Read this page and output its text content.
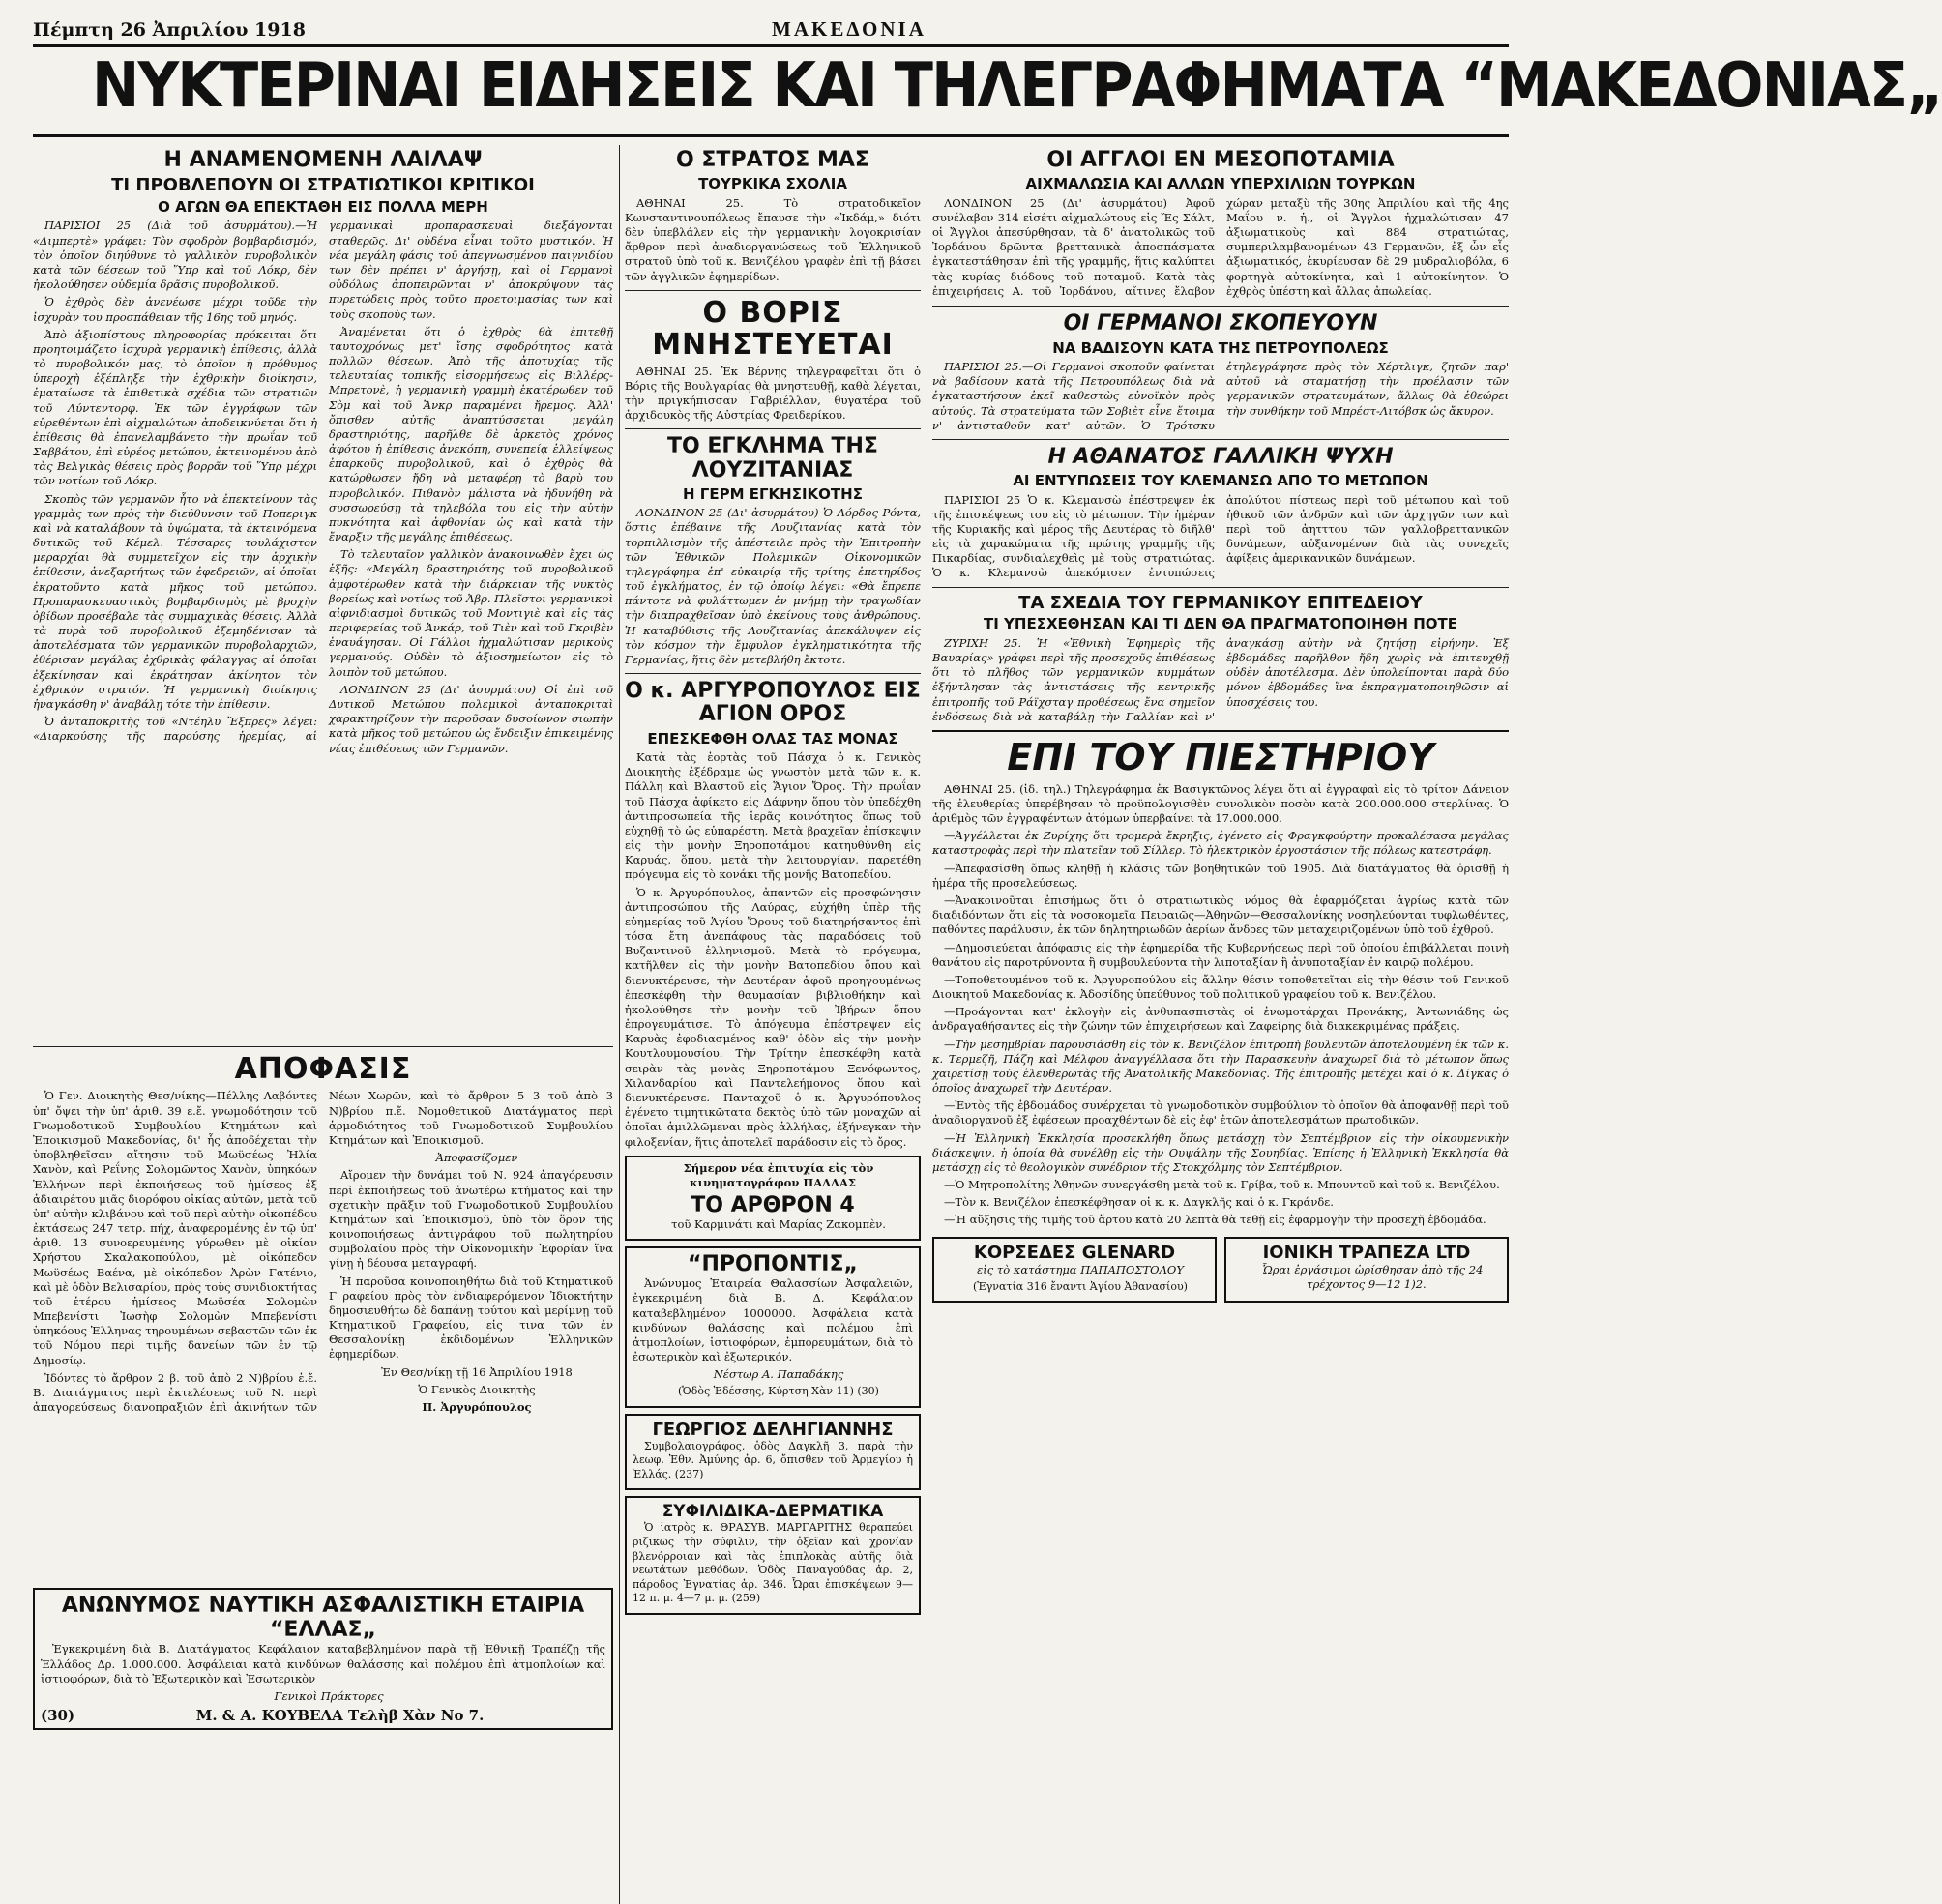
Πέμπτη 26 Ἀπριλίου 1918	ΜΑΚΕΔΟΝΙΑ
ΝΥΚΤΕΡΙΝΑΙ ΕΙΔΗΣΕΙΣ ΚΑΙ ΤΗΛΕΓΡΑΦΗΜΑΤΑ “ΜΑΚΕΔΟΝΙΑΣ„
Η ΑΝΑΜΕΝΟΜΕΝΗ ΛΑΙΛΑΨ
ΤΙ ΠΡΟΒΛΕΠΟΥΝ ΟΙ ΣΤΡΑΤΙΩΤΙΚΟΙ ΚΡΙΤΙΚΟΙ
Ο ΑΓΩΝ ΘΑ ΕΠΕΚΤΑΘΗ ΕΙΣ ΠΟΛΛΑ ΜΕΡΗ

ΠΑΡΙΣΙΟΙ 25 (Διὰ τοῦ ἀσυρμάτου).—Ἡ «Διμπερτὲ» γράφει: Τὸν σφοδρὸν βομβαρδισμόν, τὸν ὁποῖον διηύθυνε τὸ γαλλικὸν πυροβολικὸν κατὰ τῶν θέσεων τοῦ Ὕπρ καὶ τοῦ Λόκρ, δὲν ἠκολούθησεν οὐδεμία δρᾶσις πυροβολικοῦ.

Ὁ ἐχθρὸς δὲν ἀνενέωσε μέχρι τοῦδε τὴν ἰσχυρὰν του προσπάθειαν τῆς 16ης τοῦ μηνός.

Ἀπὸ ἀξιοπίστους πληροφορίας πρόκειται ὅτι προητοιμάζετο ἰσχυρὰ γερμανικὴ ἐπίθεσις, ἀλλὰ τὸ πυροβολικόν μας, τὸ ὁποῖον ἡ πρόθυμος ὑπεροχὴ ἐξέπληξε τὴν ἐχθρικὴν διοίκησιν, ἐματαίωσε τὰ ἐπιθετικὰ σχέδια τῶν στρατιῶν τοῦ Λύντεντορφ. Ἐκ τῶν ἐγγράφων τῶν εὑρεθέντων ἐπὶ αἰχμαλώτων ἀποδεικνύεται ὅτι ἡ ἐπίθεσις θὰ ἐπανελαμβάνετο τὴν πρωΐαν τοῦ Σαββάτου, ἐπὶ εὐρέος μετώπου, ἐκτεινομένου ἀπὸ τὰς Βελγικὰς θέσεις πρὸς βορρᾶν τοῦ Ὕπρ μέχρι τῶν νοτίων τοῦ Λόκρ.

Σκοπὸς τῶν γερμανῶν ἦτο νὰ ἐπεκτείνουν τὰς γραμμὰς των πρὸς τὴν διεύθυνσιν τοῦ Ποπεριγκ καὶ νὰ καταλάβουν τὰ ὑψώματα, τὰ ἐκτεινόμενα δυτικῶς τοῦ Κέμελ. Τέσσαρες τουλάχιστον μεραρχίαι θὰ συμμετεῖχον εἰς τὴν ἀρχικὴν ἐπίθεσιν, ἀνεξαρτήτως τῶν ἐφεδρειῶν, αἱ ὁποῖαι ἐκρατοῦντο κατὰ μῆκος τοῦ μετώπου. Προπαρασκευαστικὸς βομβαρδισμὸς μὲ βροχὴν ὀβίδων προσέβαλε τὰς συμμαχικὰς θέσεις. Ἀλλὰ τὰ πυρὰ τοῦ πυροβολικοῦ ἐξεμηδένισαν τὰ ἀποτελέσματα τῶν γερμανικῶν πυροβολαρχιῶν, ἐθέρισαν μεγάλας ἐχθρικὰς φάλαγγας αἱ ὁποῖαι ἐξεκίνησαν καὶ ἐκράτησαν ἀκίνητον τὸν ἐχθρικὸν στρατόν. Ἡ γερμανικὴ διοίκησις ἠναγκάσθη ν' ἀναβάλῃ τότε τὴν ἐπίθεσιν.

Ὁ ἀνταποκριτὴς τοῦ «Ντέηλυ Ἔξπρες» λέγει: «Διαρκούσης τῆς παρούσης ἠρεμίας, αἱ γερμανικαὶ προπαρασκευαὶ διεξάγονται σταθερῶς. Δι' οὐδένα εἶναι τοῦτο μυστικόν. Ἡ νέα μεγάλη φάσις τοῦ ἀπεγνωσμένου παιγνιδίου των δὲν πρέπει ν' ἀργήσῃ, καὶ οἱ Γερμανοὶ οὐδόλως ἀποπειρῶνται ν' ἀποκρύψουν τὰς πυρετώδεις πρὸς τοῦτο προετοιμασίας των καὶ τοὺς σκοποὺς των.

Ἀναμένεται ὅτι ὁ ἐχθρὸς θὰ ἐπιτεθῇ ταυτοχρόνως μετ' ἴσης σφοδρότητος κατὰ πολλῶν θέσεων. Ἀπὸ τῆς ἀποτυχίας τῆς τελευταίας τοπικῆς εἰσορμήσεως εἰς Βιλλέρς-Μπρετονὲ, ἡ γερμανικὴ γραμμὴ ἑκατέρωθεν τοῦ Σὸμ καὶ τοῦ Ἄνκρ παραμένει ἤρεμος. Ἀλλ' ὄπισθεν αὐτῆς ἀναπτύσσεται μεγάλη δραστηριότης, παρῆλθε δὲ ἀρκετὸς χρόνος ἀφότου ἡ ἐπίθεσις ἀνεκόπη, συνεπείᾳ ἐλλείψεως ἐπαρκοῦς πυροβολικοῦ, καὶ ὁ ἐχθρὸς θὰ κατώρθωσεν ἤδη νὰ μεταφέρῃ τὸ βαρὺ του πυροβολικόν. Πιθανὸν μάλιστα νὰ ἠδυνήθη νὰ συσσωρεύσῃ τὰ τηλεβόλα του εἰς τὴν αὐτὴν πυκνότητα καὶ ἀφθονίαν ὡς καὶ κατὰ τὴν ἔναρξιν τῆς μεγάλης ἐπιθέσεως.

Τὸ τελευταῖον γαλλικὸν ἀνακοινωθὲν ἔχει ὡς ἑξῆς: «Μεγάλη δραστηριότης τοῦ πυροβολικοῦ ἀμφοτέρωθεν κατὰ τὴν διάρκειαν τῆς νυκτὸς βορείως καὶ νοτίως τοῦ Ἀβρ. Πλεῖστοι γερμανικοὶ αἰφνιδιασμοὶ δυτικῶς τοῦ Μοντιγιὲ καὶ εἰς τὰς περιφερείας τοῦ Ἀνκάρ, τοῦ Τιὲν καὶ τοῦ Γκριβὲν ἐναυάγησαν. Οἱ Γάλλοι ἠχμαλώτισαν μερικοὺς γερμανούς. Οὐδὲν τὸ ἀξιοσημείωτον εἰς τὸ λοιπὸν τοῦ μετώπου.

ΛΟΝΔΙΝΟΝ 25 (Δι' ἀσυρμάτου) Οἱ ἐπὶ τοῦ Δυτικοῦ Μετώπου πολεμικοὶ ἀνταποκριταὶ χαρακτηρίζουν τὴν παροῦσαν δυσοίωνον σιωπὴν κατὰ μῆκος τοῦ μετώπου ὡς ἔνδειξιν ἐπικειμένης νέας ἐπιθέσεως τῶν Γερμανῶν.

ΑΠΟΦΑΣΙΣ

Ὁ Γεν. Διοικητὴς Θεσ/νίκης—Πέλλης Λαβόντες ὑπ' ὄψει τὴν ὑπ' ἀριθ. 39 ε.ἔ. γνωμοδότησιν τοῦ Γνωμοδοτικοῦ Συμβουλίου Κτημάτων καὶ Ἐποικισμοῦ Μακεδονίας, δι' ἧς ἀποδέχεται τὴν ὑποβληθεῖσαν αἴτησιν τοῦ Μωϋσέως Ἠλία Χανὸν, καὶ Ρεΐνης Σολομῶντος Χανὸν, ὑπηκόων Ἑλλήνων περὶ ἐκποιήσεως τοῦ ἡμίσεος ἐξ ἀδιαιρέτου μιᾶς διορόφου οἰκίας αὐτῶν, μετὰ τοῦ ὑπ' αὐτὴν κλιβάνου καὶ τοῦ περὶ αὐτὴν οἰκοπέδου ἐκτάσεως 247 τετρ. πήχ, ἀναφερομένης ἐν τῷ ὑπ' ἀριθ. 13 συνοερευμένης γύρωθεν μὲ οἰκίαν Χρήστου Σκαλακοπούλου, μὲ οἰκόπεδον Μωϋσέως Βαένα, μὲ οἰκόπεδον Ἀρὼν Γατένιο, καὶ μὲ ὁδὸν Βελισαρίου, πρὸς τοὺς συνιδιοκτήτας τοῦ ἑτέρου ἡμίσεος Μωϋσέα Σολομὼν Μπεβενίστι Ἰωσὴφ Σολομὼν Μπεβενίστι ὑπηκόους Ἑλληνας τηρουμένων σεβαστῶν τῶν ἐκ τοῦ Νόμου περὶ τιμῆς δανείων τῶν ἐν τῷ Δημοσίῳ.

Ἰδόντες τὸ ἄρθρον 2 β. τοῦ ἀπὸ 2 Ν)βρίου ἑ.ἔ. Β. Διατάγματος περὶ ἐκτελέσεως τοῦ Ν. περὶ ἀπαγορεύσεως διανοπραξιῶν ἐπὶ ἀκινήτων τῶν Νέων Χωρῶν, καὶ τὸ ἄρθρον 5 3 τοῦ ἀπὸ 3 Ν)βρίου π.ἔ. Νομοθετικοῦ Διατάγματος περὶ ἁρμοδιότητος τοῦ Γνωμοδοτικοῦ Συμβουλίου Κτημάτων καὶ Ἐποικισμοῦ.

Ἀποφασίζομεν

Αἴρομεν τὴν δυνάμει τοῦ Ν. 924 ἀπαγόρευσιν περὶ ἐκποιήσεως τοῦ ἀνωτέρω κτήματος καὶ τὴν σχετικὴν πρᾶξιν τοῦ Γνωμοδοτικοῦ Συμβουλίου Κτημάτων καὶ Ἐποικισμοῦ, ὑπὸ τὸν ὅρον τῆς κοινοποιήσεως ἀντιγράφου τοῦ πωλητηρίου συμβολαίου πρὸς τὴν Οἰκονομικὴν Ἐφορίαν ἵνα γίνῃ ἡ δέουσα μεταγραφή.

Ἡ παροῦσα κοινοποιηθήτω διὰ τοῦ Κτηματικοῦ Γ ραφείου πρὸς τὸν ἐνδιαφερόμενον Ἰδιοκτήτην δημοσιευθήτω δὲ δαπάνῃ τούτου καὶ μερίμνῃ τοῦ Κτηματικοῦ Γραφείου, εἰς τινα τῶν ἐν Θεσσαλονίκῃ ἐκδιδομένων Ἑλληνικῶν ἐφημερίδων.

Ἐν Θεσ/νίκῃ τῇ 16 Ἀπριλίου 1918

Ὁ Γενικὸς Διοικητὴς

Π. Ἀργυρόπουλος

ΑΝΩΝΥΜΟΣ ΝΑΥΤΙΚΗ ΑΣΦΑΛΙΣΤΙΚΗ ΕΤΑΙΡΙΑ “ΕΛΛΑΣ„

Ἐγκεκριμένη διὰ Β. Διατάγματος Κεφάλαιον καταβεβλημένον παρὰ τῇ Ἐθνικῇ Τραπέζῃ τῆς Ἑλλάδος Δρ. 1.000.000. Ἀσφάλειαι κατὰ κινδύνων θαλάσσης καὶ πολέμου ἐπὶ ἀτμοπλοίων καὶ ἱστιοφόρων, διὰ τὸ Ἐξωτερικὸν καὶ Ἐσωτερικὸν

Γενικοὶ Πράκτορες

(30)	Μ. & Α. ΚΟΥΒΕΛΑ Τελὴβ Χὰν Νο 7.
Ο ΣΤΡΑΤΟΣ ΜΑΣ
ΤΟΥΡΚΙΚΑ ΣΧΟΛΙΑ

ΑΘΗΝΑΙ 25. Τὸ στρατοδικεῖον Κωνσταντινουπόλεως ἔπαυσε τὴν «Ἰκδάμ,» διότι δὲν ὑπεβλάλεν εἰς τὴν γερμανικὴν λογοκρισίαν ἄρθρον περὶ ἀναδιοργανώσεως τοῦ Ἑλληνικοῦ στρατοῦ ὑπὸ τοῦ κ. Βενιζέλου γραφὲν ἐπὶ τῇ βάσει τῶν ἀγγλικῶν ἐφημερίδων.

Ο ΒΟΡΙΣ ΜΝΗΣΤΕΥΕΤΑΙ

ΑΘΗΝΑΙ 25. Ἐκ Βέρνης τηλεγραφεῖται ὅτι ὁ Βόρις τῆς Βουλγαρίας θὰ μνηστευθῇ, καθὰ λέγεται, τὴν πριγκήπισσαν Γαβριέλλαν, θυγατέρα τοῦ ἀρχιδουκὸς τῆς Αὐστρίας Φρειδερίκου.

ΤΟ ΕΓΚΛΗΜΑ ΤΗΣ ΛΟΥΖΙΤΑΝΙΑΣ
Η ΓΕΡΜ ΕΓΚΗΣΙΚΟΤΗΣ

ΛΟΝΔΙΝΟΝ 25 (Δι' ἀσυρμάτου) Ὁ Λόρδος Ρόντα, ὅστις ἐπέβαινε τῆς Λουζιτανίας κατὰ τὸν τορπιλλισμὸν τῆς ἀπέστειλε πρὸς τὴν Ἐπιτροπὴν τῶν Ἐθνικῶν Πολεμικῶν Οἰκονομικῶν τηλεγράφημα ἐπ' εὐκαιρίᾳ τῆς τρίτης ἐπετηρίδος τοῦ ἐγκλήματος, ἐν τῷ ὁποίῳ λέγει: «Θὰ ἔπρεπε πάντοτε νὰ φυλάττωμεν ἐν μνήμῃ τὴν τραγωδίαν τὴν διαπραχθεῖσαν ὑπὸ ἐκείνους τοὺς ἀνθρώπους. Ἡ καταβύθισις τῆς Λουζιτανίας ἀπεκάλυψεν εἰς τὸν κόσμον τὴν ἔμφυλον ἐγκληματικότητα τῆς Γερμανίας, ἥτις δὲν μετεβλήθη ἔκτοτε.

Ο κ. ΑΡΓΥΡΟΠΟΥΛΟΣ ΕΙΣ ΑΓΙΟΝ ΟΡΟΣ
ΕΠΕΣΚΕΦΘΗ ΟΛΑΣ ΤΑΣ ΜΟΝΑΣ

Κατὰ τὰς ἑορτὰς τοῦ Πάσχα ὁ κ. Γενικὸς Διοικητὴς ἐξέδραμε ὡς γνωστὸν μετὰ τῶν κ. κ. Πάλλη καὶ Βλαστοῦ εἰς Ἅγιον Ὄρος. Τὴν πρωΐαν τοῦ Πάσχα ἀφίκετο εἰς Δάφνην ὅπου τὸν ὑπεδέχθη ἀντιπροσωπεία τῆς ἱερᾶς κοινότητος ὅπως τοῦ εὐχηθῇ τὸ ὡς εὐπαρέστη. Μετὰ βραχεῖαν ἐπίσκεψιν εἰς τὴν μονὴν Ξηροποτάμου κατηυθύνθη εἰς Καρυάς, ὅπου, μετὰ τὴν λειτουργίαν, παρετέθη πρόγευμα εἰς τὸ κονάκι τῆς μονῆς Βατοπεδίου.

Ὁ κ. Ἀργυρόπουλος, ἀπαντῶν εἰς προσφώνησιν ἀντιπροσώπου τῆς Λαύρας, εὐχήθη ὑπὲρ τῆς εὐημερίας τοῦ Ἁγίου Ὄρους τοῦ διατηρήσαντος ἐπὶ τόσα ἔτη ἀνεπάφους τὰς παραδόσεις τοῦ Βυζαντινοῦ ἑλληνισμοῦ. Μετὰ τὸ πρόγευμα, κατῆλθεν εἰς τὴν μονὴν Βατοπεδίου ὅπου καὶ διενυκτέρευσε, τὴν Δευτέραν ἀφοῦ προηγουμένως ἐπεσκέφθη τὴν θαυμασίαν βιβλιοθήκην καὶ ἠκολούθησε τὴν μονὴν τοῦ Ἰβήρων ὅπου ἐπρογευμάτισε. Τὸ ἀπόγευμα ἐπέστρεψεν εἰς Καρυὰς ἐφοδιασμένος καθ' ὁδὸν εἰς τὴν μονὴν Κουτλουμουσίου. Τὴν Τρίτην ἐπεσκέφθη κατὰ σειρὰν τὰς μονὰς Ξηροποτάμου Ξενόφωντος, Χιλανδαρίου καὶ Παντελεήμονος ὅπου καὶ διενυκτέρευσε. Πανταχοῦ ὁ κ. Ἀργυρόπουλος ἐγένετο τιμητικῶτατα δεκτὸς ὑπὸ τῶν μοναχῶν αἱ ὁποῖαι ἁμιλλῶμεναι πρὸς ἀλλήλας, ἐξήνεγκαν τὴν φιλοξενίαν, ἥτις ἀποτελεῖ παράδοσιν εἰς τὸ ὄρος.

Σήμερον νέα ἐπιτυχία εἰς τὸν κινηματογράφον ΠΑΛΛΑΣ

ΤΟ ΑΡΘΡΟΝ 4

τοῦ Καρμινάτι καὶ Μαρίας Ζακομπὲν.

“ΠΡΟΠΟΝΤΙΣ„

Ἀνώνυμος Ἑταιρεία Θαλασσίων Ἀσφαλειῶν, ἐγκεκριμένη διὰ Β. Δ. Κεφάλαιον καταβεβλημένον 1000000. Ἀσφάλεια κατὰ κινδύνων θαλάσσης καὶ πολέμου ἐπὶ ἀτμοπλοίων, ἱστιοφόρων, ἐμπορευμάτων, διὰ τὸ ἐσωτερικὸν καὶ ἐξωτερικόν.

Νέστωρ Α. Παπαδάκης

(Ὁδὸς Ἐδέσσης, Κύρτση Χὰν 11) (30)

ΓΕΩΡΓΙΟΣ ΔΕΛΗΓΙΑΝΝΗΣ

Συμβολαιογράφος, ὁδὸς Δαγκλῆ 3, παρὰ τὴν λεωφ. Ἐθν. Ἀμύνης ἀρ. 6, ὄπισθεν τοῦ Ἀρμεγίου ἡ Ἑλλάς. (237)

ΣΥΦΙΛΙΔΙΚΑ-ΔΕΡΜΑΤΙΚΑ

Ὁ ἰατρὸς κ. ΘΡΑΣΥΒ. ΜΑΡΓΑΡΙΤΗΣ θεραπεύει ριζικῶς τὴν σύφιλιν, τὴν ὀξεῖαν καὶ χρονίαν βλενόρροιαν καὶ τὰς ἐπιπλοκὰς αὐτῆς διὰ νεωτάτων μεθόδων. Ὁδὸς Παναγούδας ἀρ. 2, πάροδος Ἐγνατίας ἀρ. 346. Ὧραι ἐπισκέψεων 9—12 π. μ. 4—7 μ. μ. (259)

ΟΙ ΑΓΓΛΟΙ ΕΝ ΜΕΣΟΠΟΤΑΜΙΑ
ΑΙΧΜΑΛΩΣΙΑ ΚΑΙ ΑΛΛΩΝ ΥΠΕΡΧΙΛΙΩΝ ΤΟΥΡΚΩΝ

ΛΟΝΔΙΝΟΝ 25 (Δι' ἀσυρμάτου) Ἀφοῦ συνέλαβον 314 εἰσέτι αἰχμαλώτους εἰς Ἔς Σάλτ, οἱ Ἄγγλοι ἀπεσύρθησαν, τὰ δ' ἀνατολικῶς τοῦ Ἰορδάνου δρῶντα βρεττανικὰ ἀποσπάσματα ἐγκατεστάθησαν ἐπὶ τῆς γραμμῆς, ἥτις καλύπτει τὰς κυρίας διόδους τοῦ ποταμοῦ. Κατὰ τὰς ἐπιχειρήσεις Α. τοῦ Ἰορδάνου, αἵτινες ἔλαβον χώραν μεταξὺ τῆς 30ης Ἀπριλίου καὶ τῆς 4ης Μαΐου ν. ἡ., οἱ Ἄγγλοι ἠχμαλώτισαν 47 ἀξιωματικοὺς καὶ 884 στρατιώτας, συμπεριλαμβανομένων 43 Γερμανῶν, ἐξ ὧν εἷς ἀξιωματικός, ἐκυρίευσαν δὲ 29 μυδραλιοβόλα, 6 φορτηγὰ αὐτοκίνητα, καὶ 1 αὐτοκίνητον. Ὁ ἐχθρὸς ὑπέστη καὶ ἄλλας ἀπωλείας.

ΟΙ ΓΕΡΜΑΝΟΙ ΣΚΟΠΕΥΟΥΝ
ΝΑ ΒΑΔΙΣΟΥΝ ΚΑΤΑ ΤΗΣ ΠΕΤΡΟΥΠΟΛΕΩΣ

ΠΑΡΙΣΙΟΙ 25.—Οἱ Γερμανοὶ σκοποῦν φαίνεται νὰ βαδίσουν κατὰ τῆς Πετρουπόλεως διὰ νὰ ἐγκαταστήσουν ἐκεῖ καθεστὼς εὐνοϊκὸν πρὸς αὐτούς. Τὰ στρατεύματα τῶν Σοβιὲτ εἶνε ἕτοιμα ν' ἀντισταθοῦν κατ' αὐτῶν. Ὁ Τρότσκυ ἐτηλεγράφησε πρὸς τὸν Χέρτλιγκ, ζητῶν παρ' αὐτοῦ νὰ σταματήσῃ τὴν προέλασιν τῶν γερμανικῶν στρατευμάτων, ἄλλως θὰ ἐθεώρει τὴν συνθήκην τοῦ Μπρέστ-Λιτόβσκ ὡς ἄκυρον.

Η ΑΘΑΝΑΤΟΣ ΓΑΛΛΙΚΗ ΨΥΧΗ
ΑΙ ΕΝΤΥΠΩΣΕΙΣ ΤΟΥ ΚΛΕΜΑΝΣΩ ΑΠΟ ΤΟ ΜΕΤΩΠΟΝ

ΠΑΡΙΣΙΟΙ 25 Ὁ κ. Κλεμανσὼ ἐπέστρεψεν ἐκ τῆς ἐπισκέψεως του εἰς τὸ μέτωπον. Τὴν ἡμέραν τῆς Κυριακῆς καὶ μέρος τῆς Δευτέρας τὸ διῆλθ' εἰς τὰ χαρακώματα τῆς πρώτης γραμμῆς τῆς Πικαρδίας, συνδιαλεχθεὶς μὲ τοὺς στρατιώτας. Ὁ κ. Κλεμανσὼ ἀπεκόμισεν ἐντυπώσεις ἀπολύτου πίστεως περὶ τοῦ μέτωπου καὶ τοῦ ἠθικοῦ τῶν ἀνδρῶν καὶ τῶν ἀρχηγῶν των καὶ περὶ τοῦ ἀητττου τῶν γαλλοβρεττανικῶν δυνάμεων, αὐξανομένων διὰ τὰς συνεχεῖς ἀφίξεις ἀμερικανικῶν δυνάμεων.

ΤΑ ΣΧΕΔΙΑ ΤΟΥ ΓΕΡΜΑΝΙΚΟΥ ΕΠΙΤΕΔΕΙΟΥ
ΤΙ ΥΠΕΣΧΕΘΗΣΑΝ ΚΑΙ ΤΙ ΔΕΝ ΘΑ ΠΡΑΓΜΑΤΟΠΟΙΗΘΗ ΠΟΤΕ

ΖΥΡΙΧΗ 25. Ἡ «Ἐθνικὴ Ἐφημερὶς τῆς Βαυαρίας» γράφει περὶ τῆς προσεχοῦς ἐπιθέσεως ὅτι τὸ πλῆθος τῶν γερμανικῶν κυμμάτων ἐξήντλησαν τὰς ἀντιστάσεις τῆς κεντρικῆς ἐπιτροπῆς τοῦ Ράϊχσταγ προθέσεως ἔνα σημεῖον ἐνδόσεως διὰ νὰ καταβάλῃ τὴν Γαλλίαν καὶ ν' ἀναγκάσῃ αὐτὴν νὰ ζητήσῃ εἰρήνην. Ἐξ ἑβδομάδες παρῆλθον ἤδη χωρὶς νὰ ἐπιτευχθῇ οὐδὲν ἀποτέλεσμα. Δὲν ὑπολείπονται παρὰ δύο μόνον ἑβδομάδες ἵνα ἐκπραγματοποιηθῶσιν αἱ ὑποσχέσεις του.

ΕΠΙ ΤΟΥ ΠΙΕΣΤΗΡΙΟΥ

ΑΘΗΝΑΙ 25. (ἰδ. τηλ.) Τηλεγράφημα ἐκ Βασιγκτῶνος λέγει ὅτι αἱ ἐγγραφαὶ εἰς τὸ τρίτον Δάνειον τῆς ἐλευθερίας ὑπερέβησαν τὸ προϋπολογισθὲν συνολικὸν ποσὸν κατὰ 200.000.000 στερλίνας. Ὁ ἀριθμὸς τῶν ἐγγραφέντων ἀτόμων ὑπερβαίνει τὰ 17.000.000.

—Ἀγγέλλεται ἐκ Ζυρίχης ὅτι τρομερὰ ἔκρηξις, ἐγένετο εἰς Φραγκφούρτην προκαλέσασα μεγάλας καταστροφὰς περὶ τὴν πλατεῖαν τοῦ Σίλλερ. Τὸ ἠλεκτρικὸν ἐργοστάσιον τῆς πόλεως κατεστράφη.

—Ἀπεφασίσθη ὅπως κληθῇ ἡ κλάσις τῶν βοηθητικῶν τοῦ 1905. Διὰ διατάγματος θὰ ὁρισθῇ ἡ ἡμέρα τῆς προσελεύσεως.

—Ἀνακοινοῦται ἐπισήμως ὅτι ὁ στρατιωτικὸς νόμος θὰ ἐφαρμόζεται ἀγρίως κατὰ τῶν διαδιδόντων ὅτι εἰς τὰ νοσοκομεῖα Πειραιῶς—Ἀθηνῶν—Θεσσαλονίκης νοσηλεύονται τυφλωθέντες, παθόντες παράλυσιν, ἐκ τῶν δηλητηριωδῶν ἀερίων ἄνδρες τῶν μεταχειριζομένων ὑπὸ τοῦ ἐχθροῦ.

—Δημοσιεύεται ἀπόφασις εἰς τὴν ἐφημερίδα τῆς Κυβερνήσεως περὶ τοῦ ὁποίου ἐπιβάλλεται ποινὴ θανάτου εἰς παροτρύνοντα ἢ συμβουλεύοντα τὴν λιποταξίαν ἢ ἀνυποταξίαν ἐν καιρῷ πολέμου.

—Τοποθετουμένου τοῦ κ. Ἀργυροπούλου εἰς ἄλλην θέσιν τοποθετεῖται εἰς τὴν θέσιν τοῦ Γενικοῦ Διοικητοῦ Μακεδονίας κ. Ἀδοσίδης ὑπεύθυνος τοῦ πολιτικοῦ γραφείου τοῦ κ. Βενιζέλου.

—Προάγονται κατ' ἐκλογὴν εἰς ἀνθυπασπιστὰς οἱ ἐνωμοτάρχαι Προνάκης, Ἀντωνιάδης ὡς ἀνδραγαθήσαντες εἰς τὴν ζώνην τῶν ἐπιχειρήσεων καὶ Ζαφείρης διὰ διακεκριμένας πράξεις.

—Τὴν μεσημβρίαν παρουσιάσθη εἰς τὸν κ. Βενιζέλον ἐπιτροπὴ βουλευτῶν ἀποτελουμένη ἐκ τῶν κ. κ. Τερμεζῆ, Πάζη καὶ Μέλφου ἀναγγέλλασα ὅτι τὴν Παρασκευὴν ἀναχωρεῖ διὰ τὸ μέτωπον ὅπως χαιρετίσῃ τοὺς ἐλευθερωτὰς τῆς Ἀνατολικῆς Μακεδονίας. Τῆς ἐπιτροπῆς μετέχει καὶ ὁ κ. Δίγκας ὁ ὁποῖος ἀναχωρεῖ τὴν Δευτέραν.

—Ἐντὸς τῆς ἑβδομάδος συνέρχεται τὸ γνωμοδοτικὸν συμβούλιον τὸ ὁποῖον θὰ ἀποφανθῇ περὶ τοῦ ἀναδιοργανοῦ ἐξ ἐφέσεων προαχθέντων δὲ εἰς ἐφ' ἐτῶν ἀποτελεσμάτων πρωτοδικῶν.

—Ἡ Ἑλληνικὴ Ἐκκλησία προσεκλήθη ὅπως μετάσχῃ τὸν Σεπτέμβριον εἰς τὴν οἰκουμενικὴν διάσκεψιν, ἡ ὁποία θὰ συνέλθῃ εἰς τὴν Ουψάλην τῆς Σουηδίας. Ἐπίσης ἡ Ἑλληνικὴ Ἐκκλησία θὰ μετάσχῃ εἰς τὸ θεολογικὸν συνέδριον τῆς Στοκχόλμης τὸν Σεπτέμβριον.

—Ὁ Μητροπολίτης Ἀθηνῶν συνεργάσθη μετὰ τοῦ κ. Γρίβα, τοῦ κ. Μπουντοῦ καὶ τοῦ κ. Βενιζέλου.

—Τὸν κ. Βενιζέλον ἐπεσκέφθησαν οἱ κ. κ. Δαγκλῆς καὶ ὁ κ. Γκράνδε.

—Ἡ αὔξησις τῆς τιμῆς τοῦ ἄρτου κατὰ 20 λεπτὰ θὰ τεθῇ εἰς ἐφαρμογὴν τὴν προσεχῆ ἑβδομάδα.

ΚΟΡΣΕΔΕΣ GLENARD

εἰς τὸ κατάστημα ΠΑΠΑΠΟΣΤΟΛΟΥ

(Ἐγνατία 316 ἔναντι Ἁγίου Ἀθανασίου)

ΙΟΝΙΚΗ ΤΡΑΠΕΖΑ LTD

Ὧραι ἐργάσιμοι ὡρίσθησαν ἀπὸ τῆς 24 τρέχοντος 9—12 1)2.
